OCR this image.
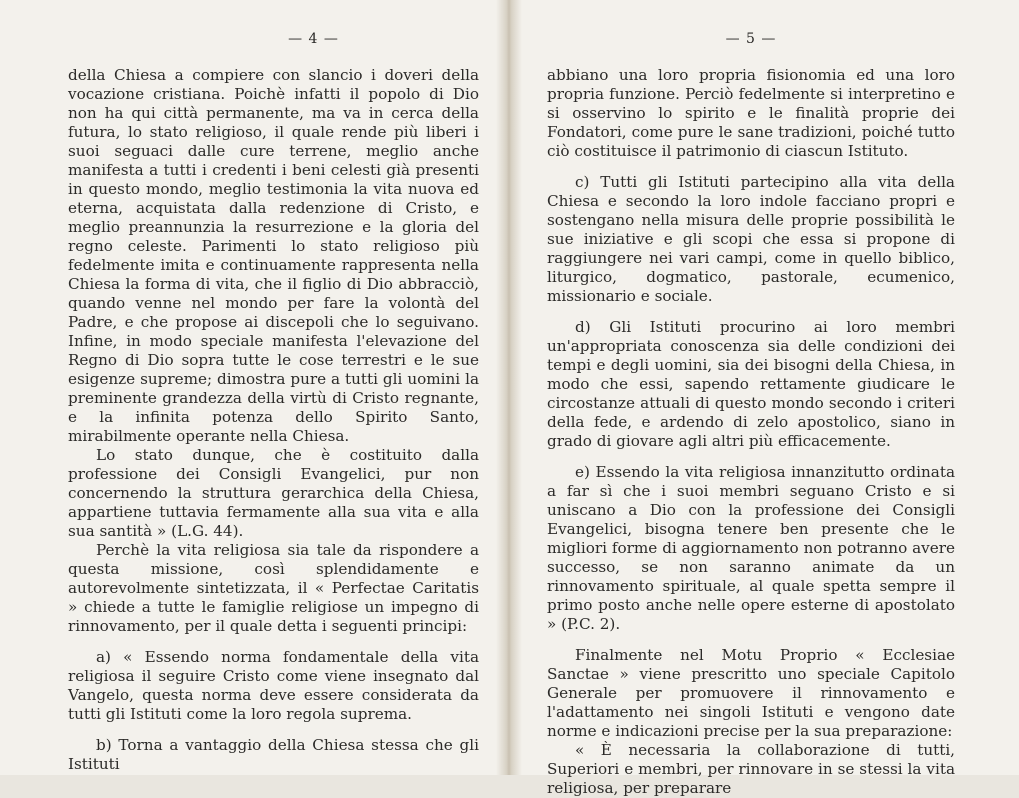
— 4 —

della Chiesa a compiere con slancio i doveri della vocazione cristiana. Poichè infatti il popolo di Dio non ha qui città permanente, ma va in cerca della futura, lo stato religioso, il quale rende più liberi i suoi seguaci dalle cure terrene, meglio anche manifesta a tutti i credenti i beni celesti già presenti in questo mondo, meglio testimonia la vita nuova ed eterna, acquistata dalla redenzione di Cristo, e meglio preannunzia la resurrezione e la gloria del regno celeste. Parimenti lo stato religioso più fedelmente imita e continuamente rappresenta nella Chiesa la forma di vita, che il figlio di Dio abbracciò, quando venne nel mondo per fare la volontà del Padre, e che propose ai discepoli che lo seguivano. Infine, in modo speciale manifesta l'elevazione del Regno di Dio sopra tutte le cose terrestri e le sue esigenze supreme; dimostra pure a tutti gli uomini la preminente grandezza della virtù di Cristo regnante, e la infinita potenza dello Spirito Santo, mirabilmente operante nella Chiesa.

Lo stato dunque, che è costituito dalla professione dei Consigli Evangelici, pur non concernendo la struttura gerarchica della Chiesa, appartiene tuttavia fermamente alla sua vita e alla sua santità » (L.G. 44).

Perchè la vita religiosa sia tale da rispondere a questa missione, così splendidamente e autorevolmente sintetizzata, il « Perfectae Caritatis » chiede a tutte le famiglie religiose un impegno di rinnovamento, per il quale detta i seguenti principi:

a) « Essendo norma fondamentale della vita religiosa il seguire Cristo come viene insegnato dal Vangelo, questa norma deve essere considerata da tutti gli Istituti come la loro regola suprema.

b) Torna a vantaggio della Chiesa stessa che gli Istituti

— 5 —

abbiano una loro propria fisionomia ed una loro propria funzione. Perciò fedelmente si interpretino e si osservino lo spirito e le finalità proprie dei Fondatori, come pure le sane tradizioni, poiché tutto ciò costituisce il patrimonio di ciascun Istituto.

c) Tutti gli Istituti partecipino alla vita della Chiesa e secondo la loro indole facciano propri e sostengano nella misura delle proprie possibilità le sue iniziative e gli scopi che essa si propone di raggiungere nei vari campi, come in quello biblico, liturgico, dogmatico, pastorale, ecumenico, missionario e sociale.

d) Gli Istituti procurino ai loro membri un'appropriata conoscenza sia delle condizioni dei tempi e degli uomini, sia dei bisogni della Chiesa, in modo che essi, sapendo rettamente giudicare le circostanze attuali di questo mondo secondo i criteri della fede, e ardendo di zelo apostolico, siano in grado di giovare agli altri più efficacemente.

e) Essendo la vita religiosa innanzitutto ordinata a far sì che i suoi membri seguano Cristo e si uniscano a Dio con la professione dei Consigli Evangelici, bisogna tenere ben presente che le migliori forme di aggiornamento non potranno avere successo, se non saranno animate da un rinnovamento spirituale, al quale spetta sempre il primo posto anche nelle opere esterne di apostolato » (P.C. 2).

Finalmente nel Motu Proprio « Ecclesiae Sanctae » viene prescritto uno speciale Capitolo Generale per promuovere il rinnovamento e l'adattamento nei singoli Istituti e vengono date norme e indicazioni precise per la sua preparazione:

« È necessaria la collaborazione di tutti, Superiori e membri, per rinnovare in se stessi la vita religiosa, per preparare
